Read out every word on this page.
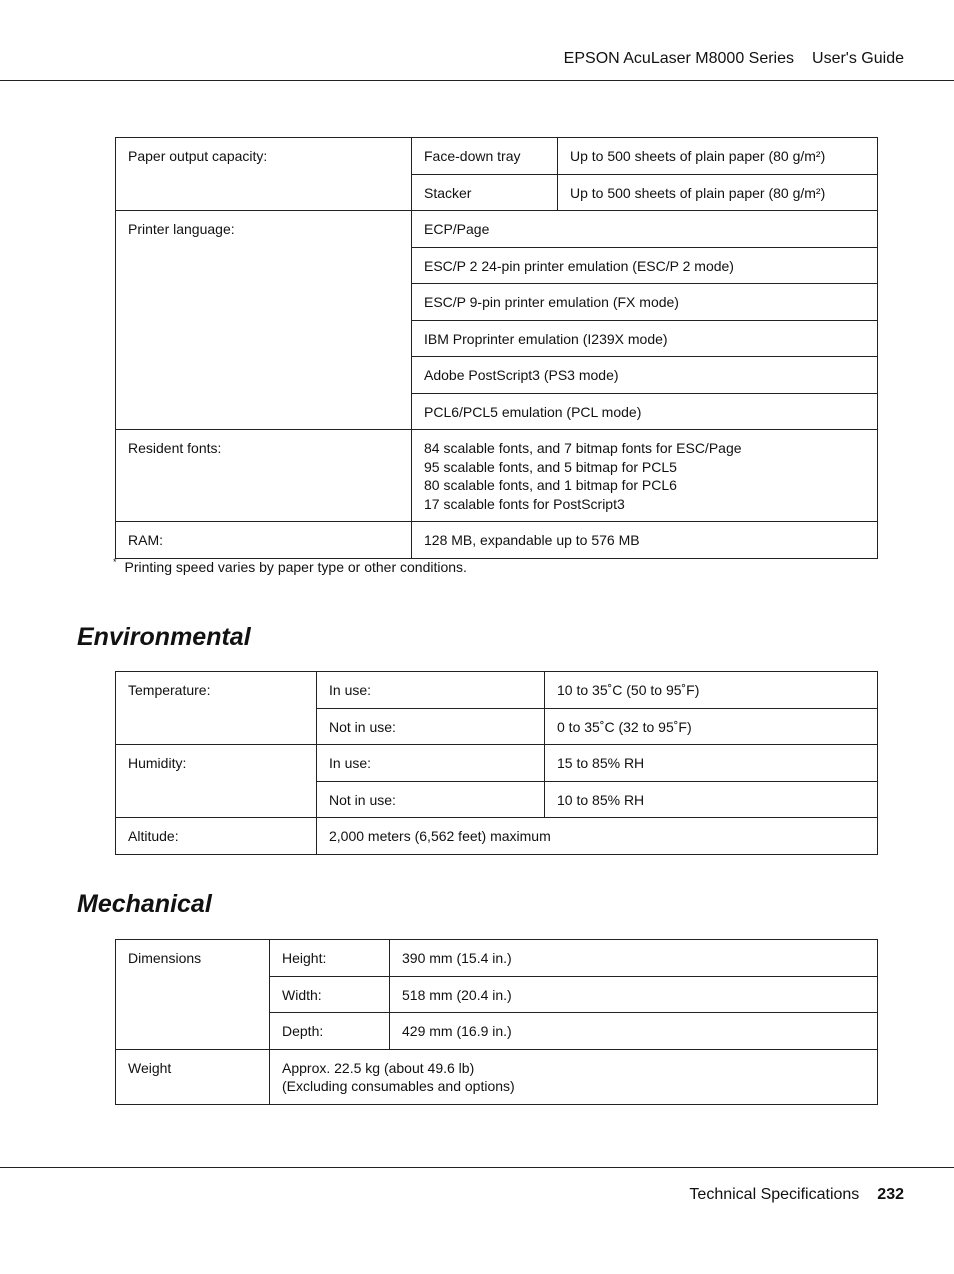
EPSON AcuLaser M8000 Series User's Guide
Paper output capacity:	Face-down tray	Up to 500 sheets of plain paper (80 g/m²)
	Stacker	Up to 500 sheets of plain paper (80 g/m²)
Printer language:	ECP/Page	
	ESC/P 2 24-pin printer emulation (ESC/P 2 mode)	
	ESC/P 9-pin printer emulation (FX mode)	
	IBM Proprinter emulation (I239X mode)	
	Adobe PostScript3 (PS3 mode)	
	PCL6/PCL5 emulation (PCL mode)	
Resident fonts:	84 scalable fonts, and 7 bitmap fonts for ESC/Page
95 scalable fonts, and 5 bitmap for PCL5
80 scalable fonts, and 1 bitmap for PCL6
17 scalable fonts for PostScript3	

RAM:	128 MB, expandable up to 576 MB	
* Printing speed varies by paper type or other conditions.
Environmental
Temperature:	In use:	10 to 35˚C (50 to 95˚F)
	Not in use:	0 to 35˚C (32 to 95˚F)
Humidity:	In use:	15 to 85% RH
	Not in use:	10 to 85% RH
Altitude:	2,000 meters (6,562 feet) maximum	
Mechanical
Dimensions	Height:	390 mm (15.4 in.)
	Width:	518 mm (20.4 in.)
	Depth:	429 mm (16.9 in.)
Weight	Approx. 22.5 kg (about 49.6 lb)
(Excluding consumables and options)	
Technical Specifications 232
